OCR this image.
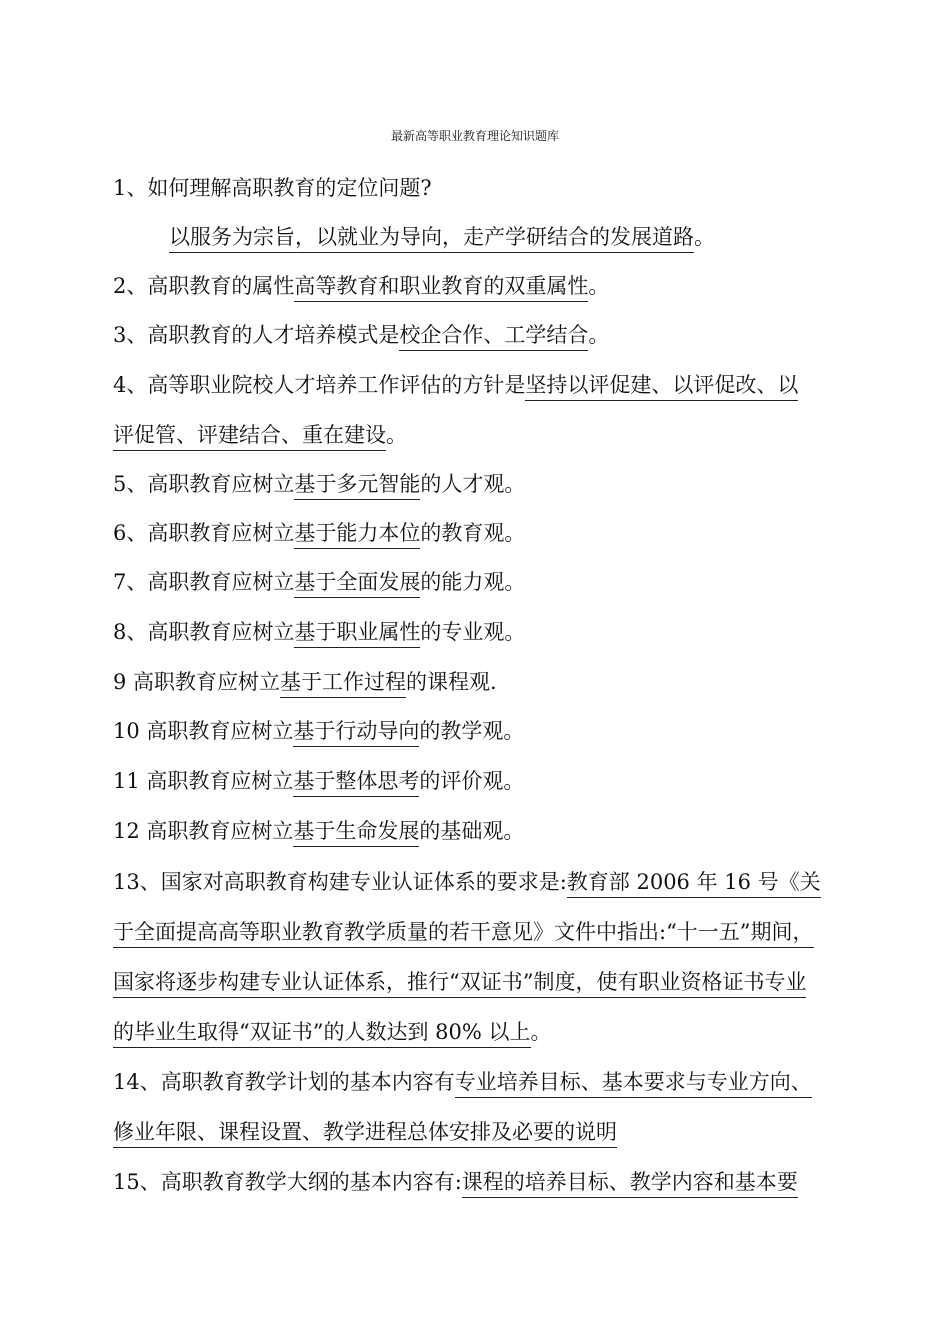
最新高等职业教育理论知识题库
1、如何理解高职教育的定位问题?
以服务为宗旨，以就业为导向，走产学研结合的发展道路。
2、高职教育的属性高等教育和职业教育的双重属性。
3、高职教育的人才培养模式是校企合作、工学结合。
4、高等职业院校人才培养工作评估的方针是坚持以评促建、以评促改、以
评促管、评建结合、重在建设。
5、高职教育应树立基于多元智能的人才观。
6、高职教育应树立基于能力本位的教育观。
7、高职教育应树立基于全面发展的能力观。
8、高职教育应树立基于职业属性的专业观。
9 高职教育应树立基于工作过程的课程观.
10 高职教育应树立基于行动导向的教学观。
11 高职教育应树立基于整体思考的评价观。
12 高职教育应树立基于生命发展的基础观。
13、国家对高职教育构建专业认证体系的要求是:教育部 2006 年 16 号《关
于全面提高高等职业教育教学质量的若干意见》文件中指出:“十一五”期间，
国家将逐步构建专业认证体系，推行“双证书”制度，使有职业资格证书专业
的毕业生取得“双证书”的人数达到 80% 以上。
14、高职教育教学计划的基本内容有专业培养目标、基本要求与专业方向、
修业年限、课程设置、教学进程总体安排及必要的说明
15、高职教育教学大纲的基本内容有:课程的培养目标、教学内容和基本要
